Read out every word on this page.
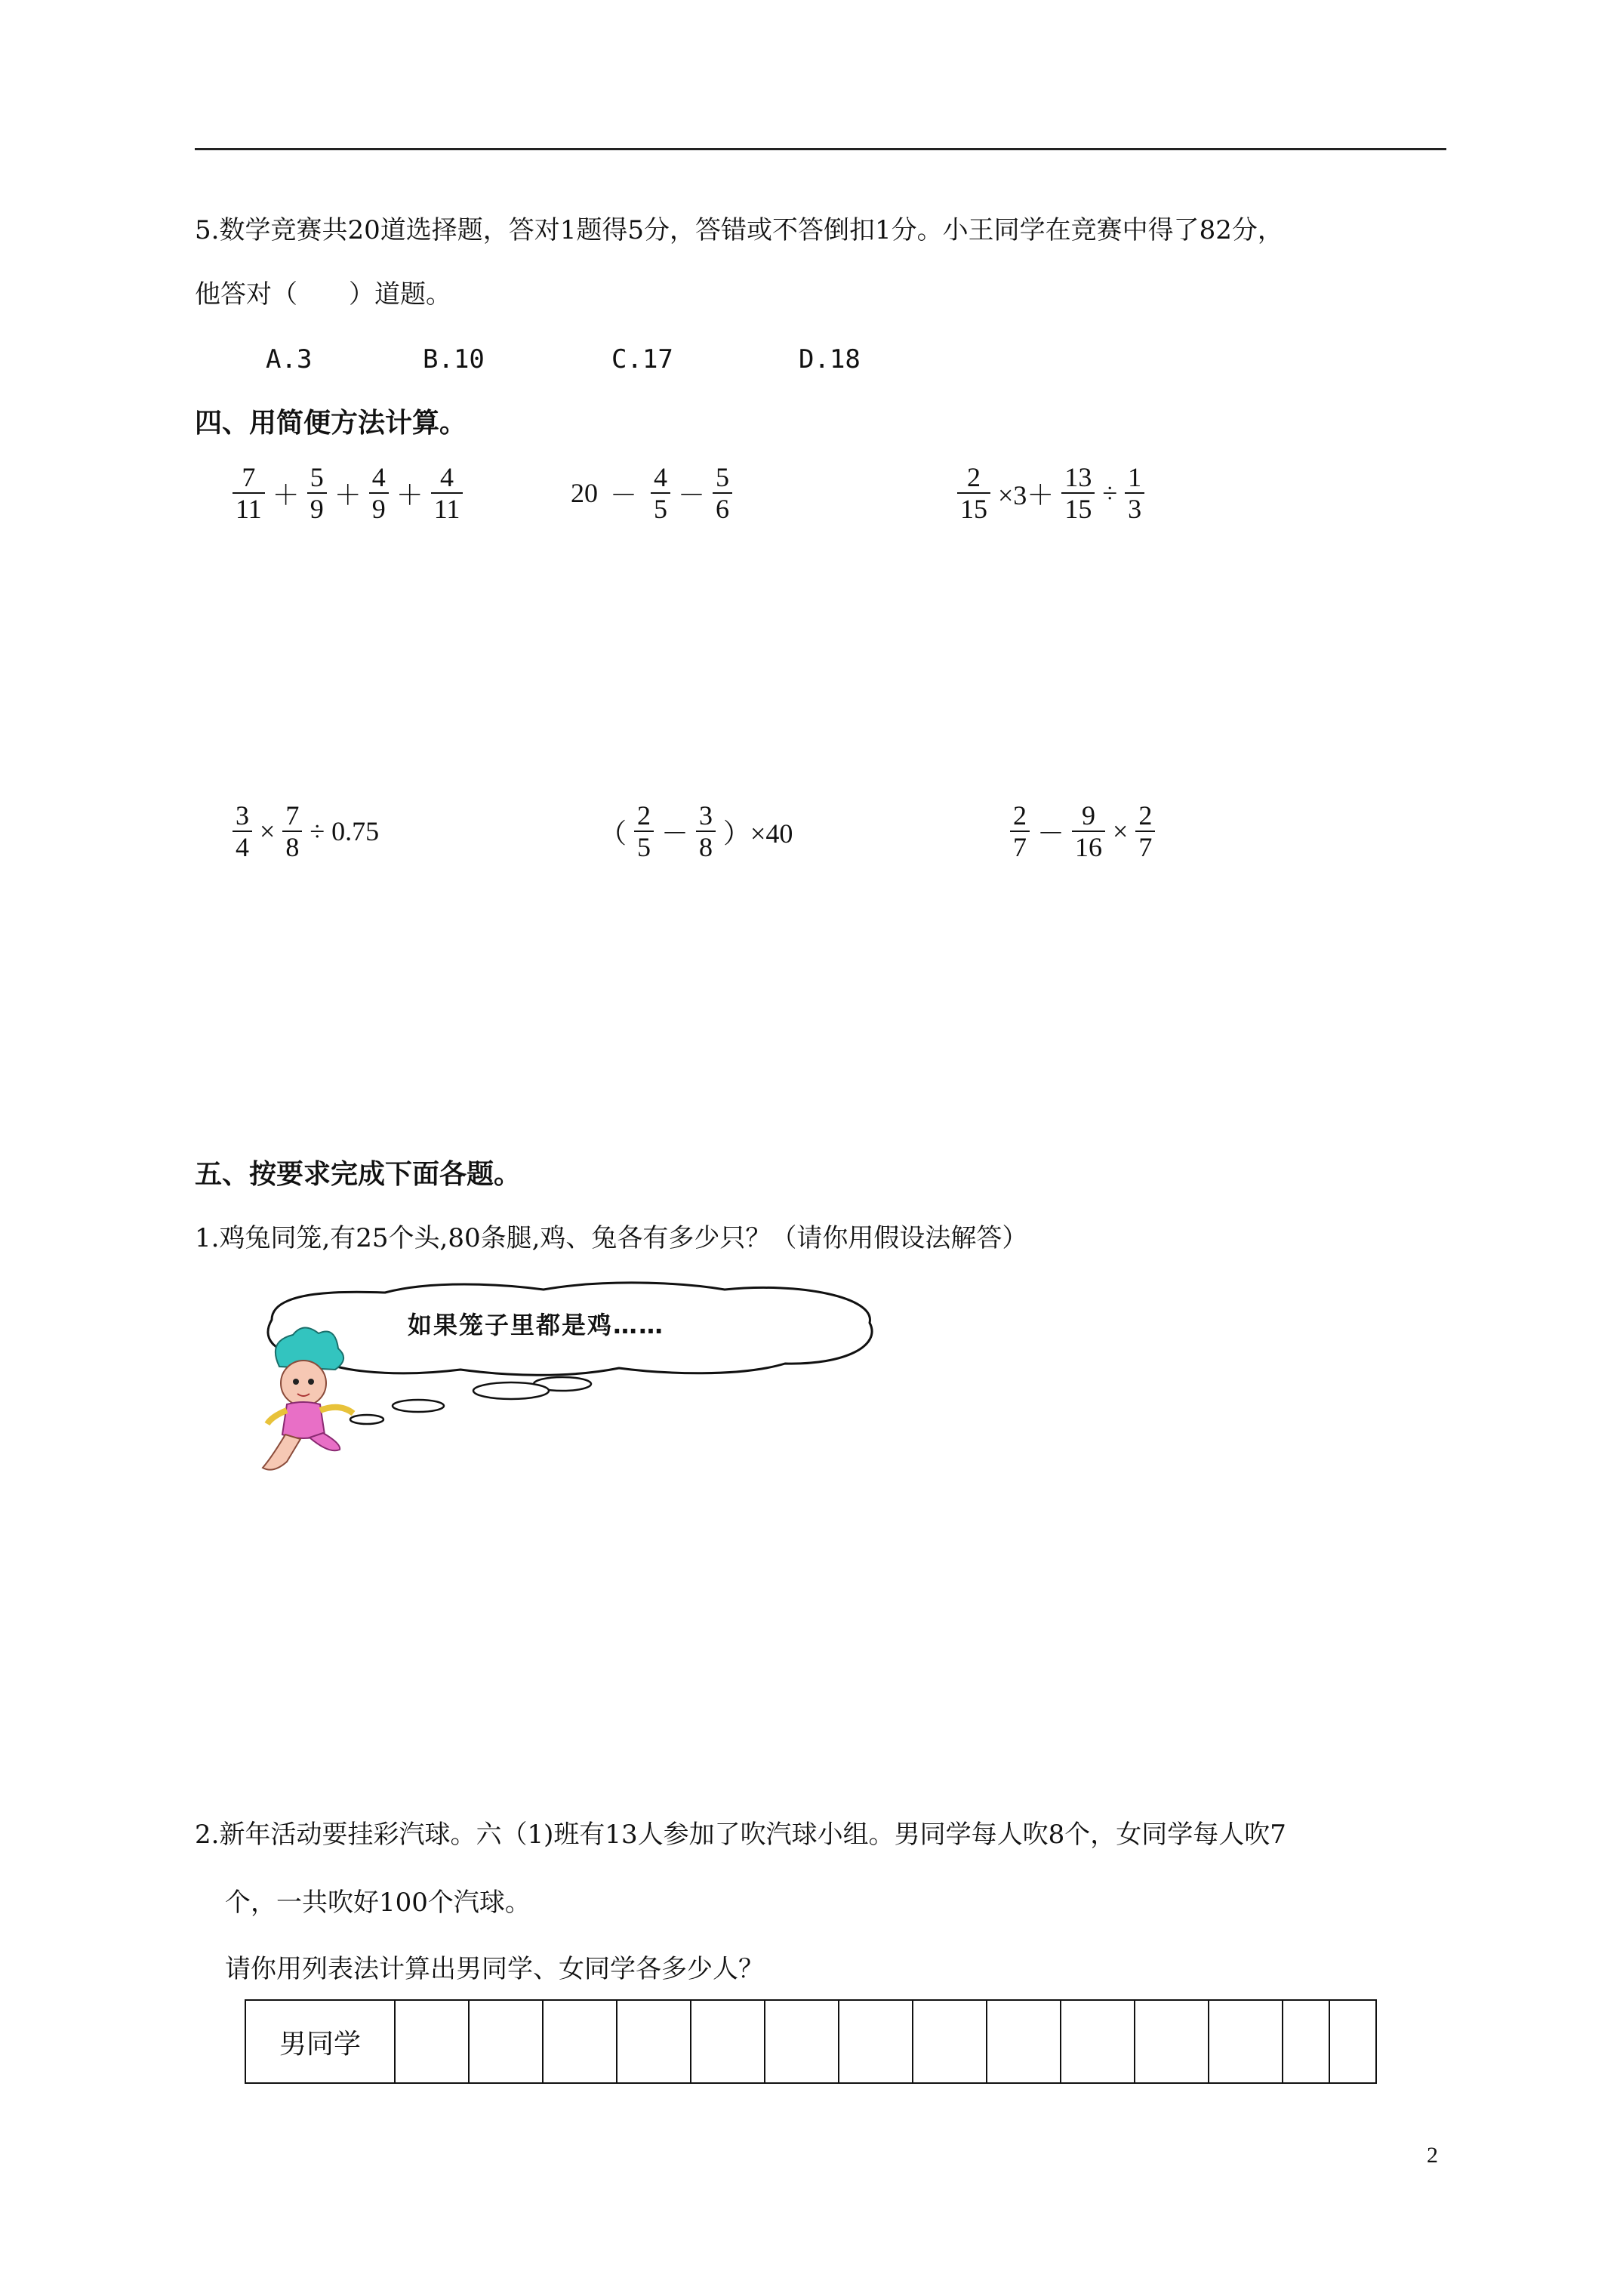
5.数学竞赛共20道选择题，答对1题得5分，答错或不答倒扣1分。小王同学在竞赛中得了82分，
他答对（　　）道题。
A.3	B.10	C.17	D.18
四、用简便方法计算。
$\frac{7}{11} + \frac{5}{9} + \frac{4}{9} + \frac{4}{11}$	$20 - \frac{4}{5} - \frac{5}{6}$	$\frac{2}{15} \times 3+ \frac{13}{15} \div \frac{1}{3}$
$\frac{3}{4} \times \frac{7}{8} \div 0.75$	（ $\frac{2}{5} - \frac{3}{8} )\times 40$	$\frac{2}{7} - \frac{9}{16} \times \frac{2}{7}$
五、按要求完成下面各题。
1.鸡兔同笼,有25个头,80条腿,鸡、兔各有多少只？（请你用假设法解答）
如果笼子里都是鸡……
2.新年活动要挂彩汽球。六（1)班有13人参加了吹汽球小组。男同学每人吹8个，女同学每人吹7
个，一共吹好100个汽球。
请你用列表法计算出男同学、女同学各多少人？
男同学														
2
